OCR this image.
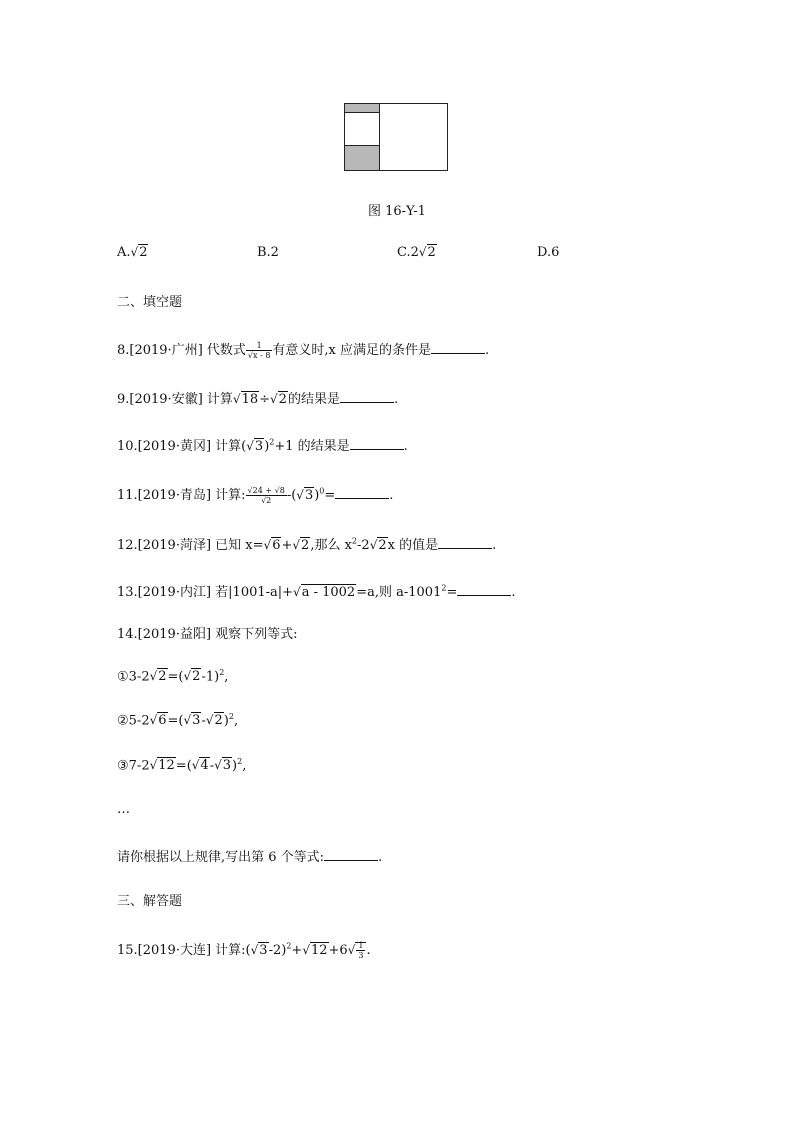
图 16-Y-1
A.√2	B.2	C.2√2	D.6
二、填空题
8.[2019·广州] 代数式 $\frac{1}{√x - 8}$ 有意义时,x 应满足的条件是	.
9.[2019·安徽] 计算√18÷√2的结果是	.
10.[2019·黄冈] 计算$(√3)^2+1$ 的结果是	.
11.[2019·青岛] 计算: $\frac{√24 + √8}{√2} -(√3)^0=$	.
12.[2019·菏泽] 已知 x=√6+√2,那么 $x^2-2√2x$ 的值是	.
13.[2019·内江] 若|1001-a|+√a - 1002=a,则 $a-1001^2=$	.
14.[2019·益阳] 观察下列等式:
$①3-2√2=(√2-1)^2$,
$②5-2√6=(√3-√2)^2$,
$③7-2√12=(√4-√3)^2$,
…
请你根据以上规律,写出第 6 个等式:	.
三、解答题
15.[2019·大连] 计算$:(√3-2)^2+√12+6√ \frac{1}{3}$ .
